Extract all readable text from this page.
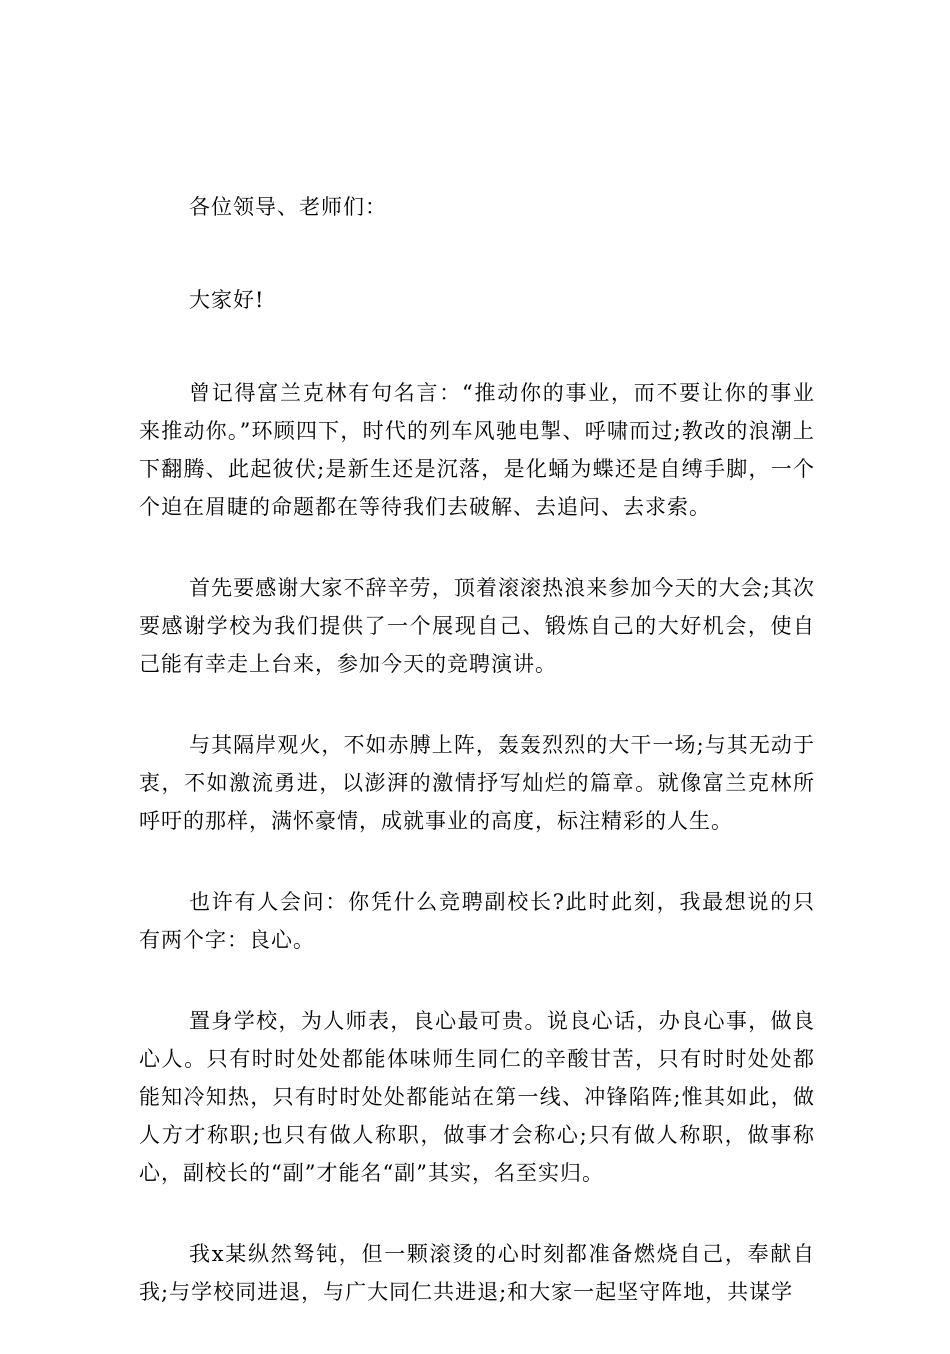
各位领导、老师们：

大家好!

曾记得富兰克林有句名言：“推动你的事业，而不要让你的事业来推动你。”环顾四下，时代的列车风驰电掣、呼啸而过;教改的浪潮上下翻腾、此起彼伏;是新生还是沉落，是化蛹为蝶还是自缚手脚，一个个迫在眉睫的命题都在等待我们去破解、去追问、去求索。

首先要感谢大家不辞辛劳，顶着滚滚热浪来参加今天的大会;其次要感谢学校为我们提供了一个展现自己、锻炼自己的大好机会，使自己能有幸走上台来，参加今天的竞聘演讲。

与其隔岸观火，不如赤膊上阵，轰轰烈烈的大干一场;与其无动于衷，不如激流勇进，以澎湃的激情抒写灿烂的篇章。就像富兰克林所呼吁的那样，满怀豪情，成就事业的高度，标注精彩的人生。

也许有人会问：你凭什么竞聘副校长?此时此刻，我最想说的只有两个字：良心。

置身学校，为人师表，良心最可贵。说良心话，办良心事，做良心人。只有时时处处都能体味师生同仁的辛酸甘苦，只有时时处处都能知冷知热，只有时时处处都能站在第一线、冲锋陷阵;惟其如此，做人方才称职;也只有做人称职，做事才会称心;只有做人称职，做事称心，副校长的“副”才能名“副”其实，名至实归。

我x某纵然驽钝，但一颗滚烫的心时刻都准备燃烧自己，奉献自我;与学校同进退，与广大同仁共进退;和大家一起坚守阵地，共谋学
